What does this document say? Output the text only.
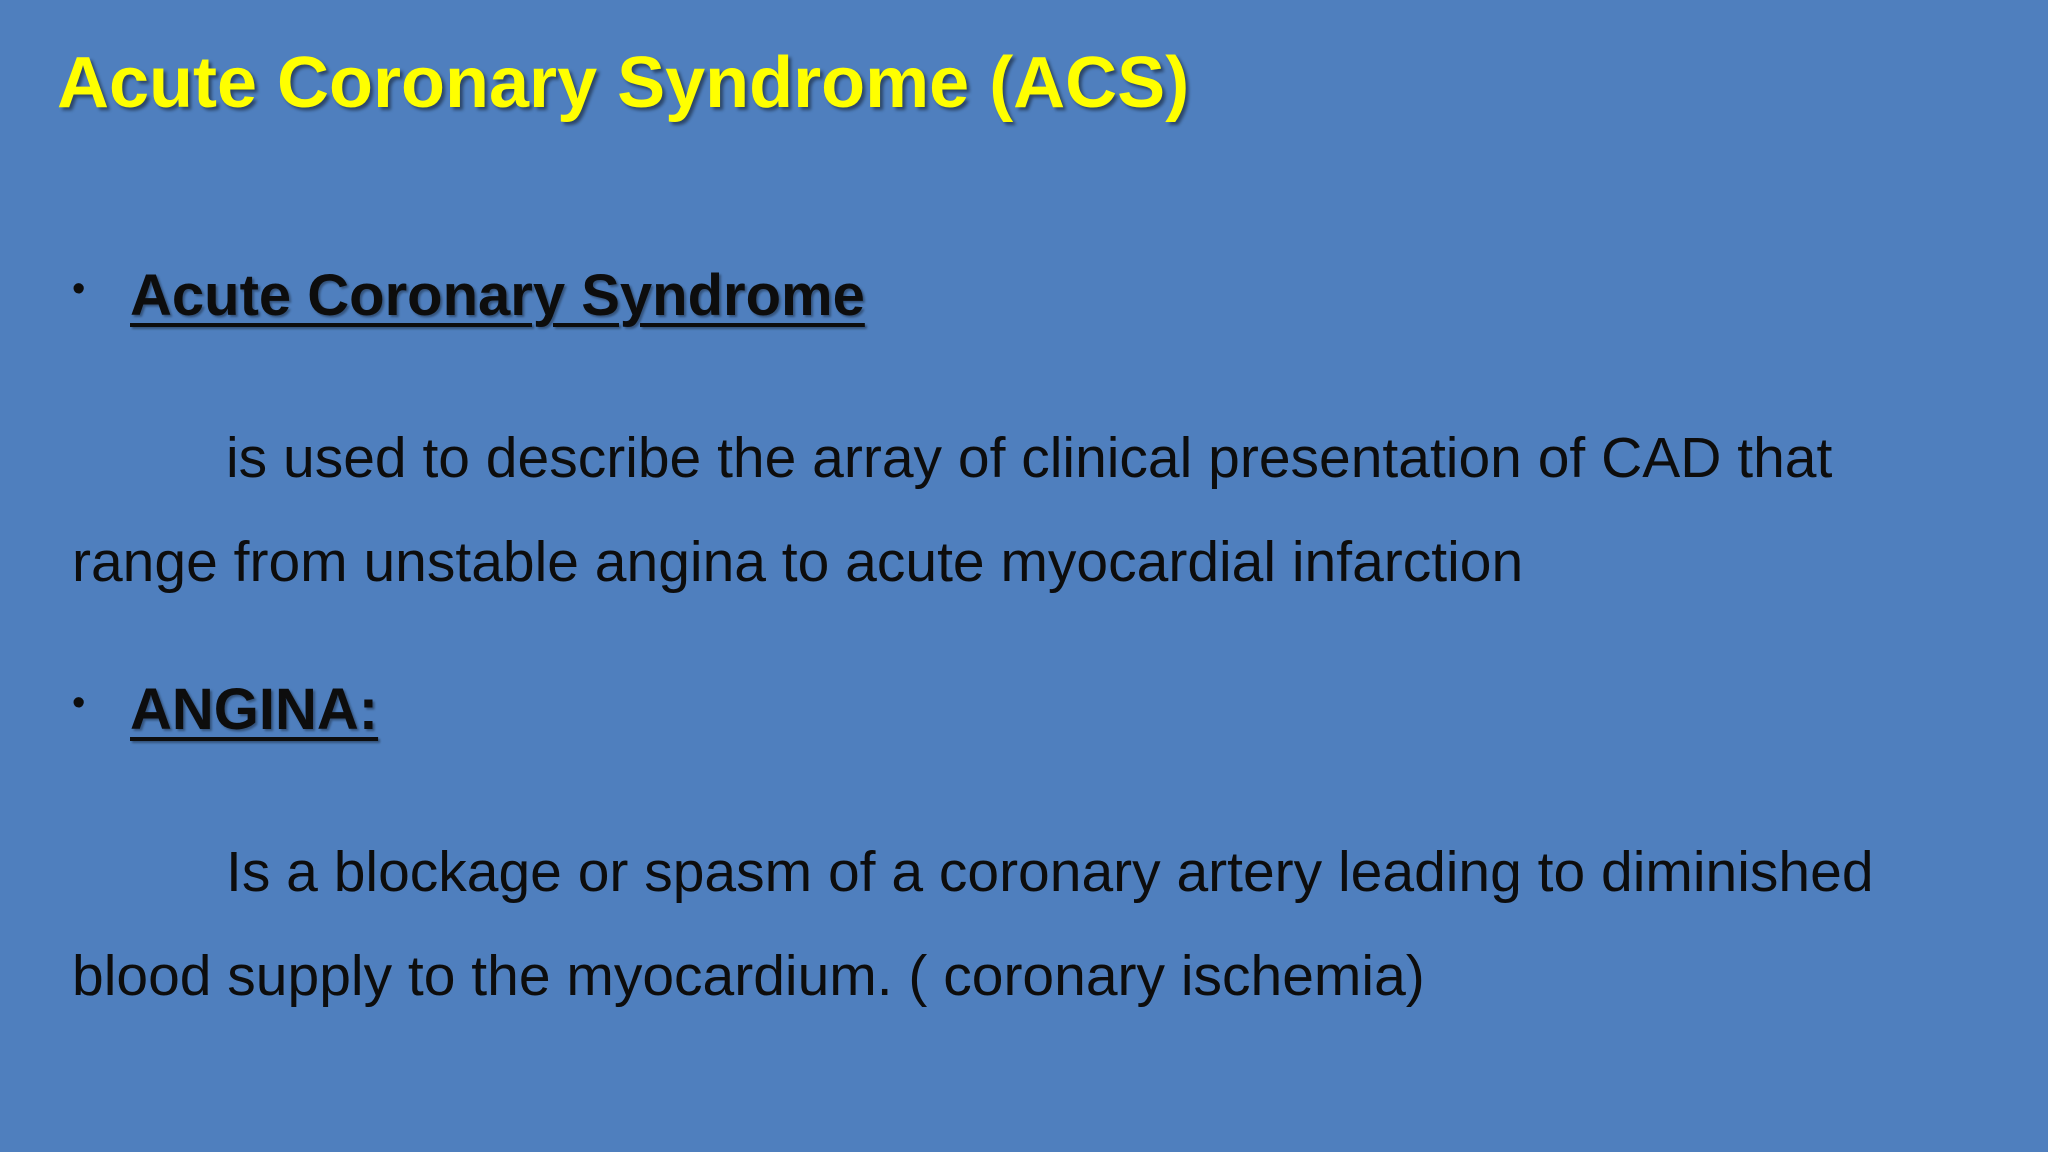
Acute Coronary Syndrome (ACS)
• Acute Coronary Syndrome
is used to describe the array of clinical presentation of CAD that range from unstable angina to acute myocardial infarction
• ANGINA:
Is a blockage or spasm of a coronary artery leading to diminished blood supply to the myocardium. ( coronary ischemia)
